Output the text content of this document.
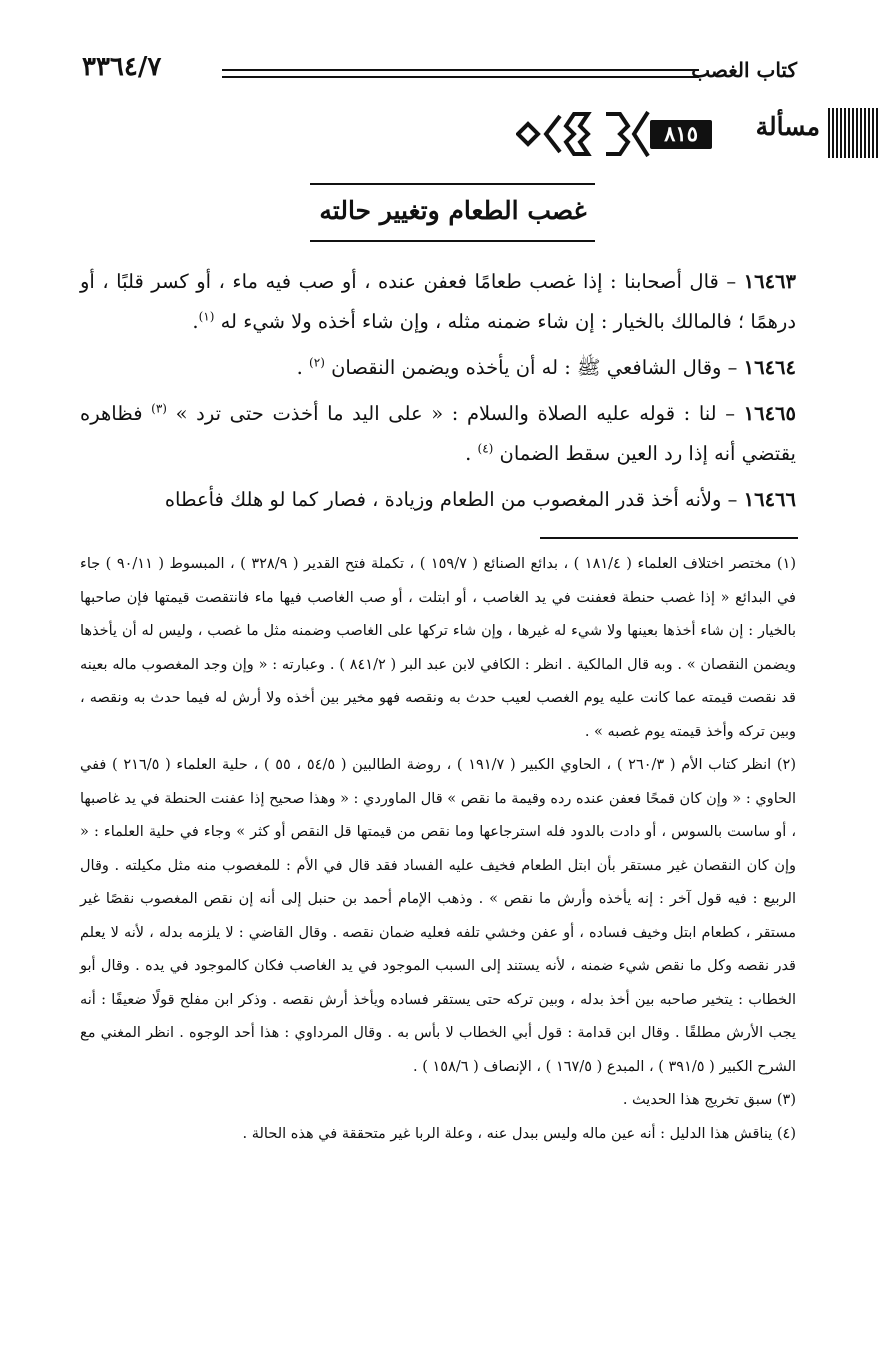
كتاب الغصب
٣٣٦٤/٧
مسألة
٨١٥
غصب الطعام وتغيير حالته

١٦٤٦٣ – قال أصحابنا : إذا غصب طعامًا فعفن عنده ، أو صب فيه ماء ، أو كسر قلبًا ، أو درهمًا ؛ فالمالك بالخيار : إن شاء ضمنه مثله ، وإن شاء أخذه ولا شيء له $^{(١)}$.

١٦٤٦٤ – وقال الشافعي ﷺ : له أن يأخذه ويضمن النقصان $^{(٢)}$ .

١٦٤٦٥ – لنا : قوله عليه الصلاة والسلام : « على اليد ما أخذت حتى ترد » $^{(٣)}$ فظاهره يقتضي أنه إذا رد العين سقط الضمان $^{(٤)}$ .

١٦٤٦٦ – ولأنه أخذ قدر المغصوب من الطعام وزيادة ، فصار كما لو هلك فأعطاه

(١) مختصر اختلاف العلماء ( ١٨١/٤ ) ، بدائع الصنائع ( ١٥٩/٧ ) ، تكملة فتح القدير ( ٣٢٨/٩ ) ، المبسوط ( ٩٠/١١ ) جاء في البدائع « إذا غصب حنطة فعفنت في يد الغاصب ، أو ابتلت ، أو صب الغاصب فيها ماء فانتقصت قيمتها فإن صاحبها بالخيار : إن شاء أخذها بعينها ولا شيء له غيرها ، وإن شاء تركها على الغاصب وضمنه مثل ما غصب ، وليس له أن يأخذها ويضمن النقصان » . وبه قال المالكية . انظر : الكافي لابن عبد البر ( ٨٤١/٢ ) . وعبارته : « وإن وجد المغصوب ماله بعينه قد نقصت قيمته عما كانت عليه يوم الغصب لعيب حدث به ونقصه فهو مخير بين أخذه ولا أرش له فيما حدث به ونقصه ، وبين تركه وأخذ قيمته يوم غصبه » .

(٢) انظر كتاب الأم ( ٢٦٠/٣ ) ، الحاوي الكبير ( ١٩١/٧ ) ، روضة الطالبين ( ٥٤/٥ ، ٥٥ ) ، حلية العلماء ( ٢١٦/٥ ) ففي الحاوي : « وإن كان قمحًا فعفن عنده رده وقيمة ما نقص » قال الماوردي : « وهذا صحيح إذا عفنت الحنطة في يد غاصبها ، أو ساست بالسوس ، أو دادت بالدود فله استرجاعها وما نقص من قيمتها قل النقص أو كثر » وجاء في حلية العلماء : « وإن كان النقصان غير مستقر بأن ابتل الطعام فخيف عليه الفساد فقد قال في الأم : للمغصوب منه مثل مكيلته . وقال الربيع : فيه قول آخر : إنه يأخذه وأرش ما نقص » . وذهب الإمام أحمد بن حنبل إلى أنه إن نقص المغصوب نقصًا غير مستقر ، كطعام ابتل وخيف فساده ، أو عفن وخشي تلفه فعليه ضمان نقصه . وقال القاضي : لا يلزمه بدله ، لأنه لا يعلم قدر نقصه وكل ما نقص شيء ضمنه ، لأنه يستند إلى السبب الموجود في يد الغاصب فكان كالموجود في يده . وقال أبو الخطاب : يتخير صاحبه بين أخذ بدله ، وبين تركه حتى يستقر فساده ويأخذ أرش نقصه . وذكر ابن مفلح قولًا ضعيفًا : أنه يجب الأرش مطلقًا . وقال ابن قدامة : قول أبي الخطاب لا بأس به . وقال المرداوي : هذا أحد الوجوه . انظر المغني مع الشرح الكبير ( ٣٩١/٥ ) ، المبدع ( ١٦٧/٥ ) ، الإنصاف ( ١٥٨/٦ ) .

(٣) سبق تخريج هذا الحديث .

(٤) يناقش هذا الدليل : أنه عين ماله وليس ببدل عنه ، وعلة الربا غير متحققة في هذه الحالة .
